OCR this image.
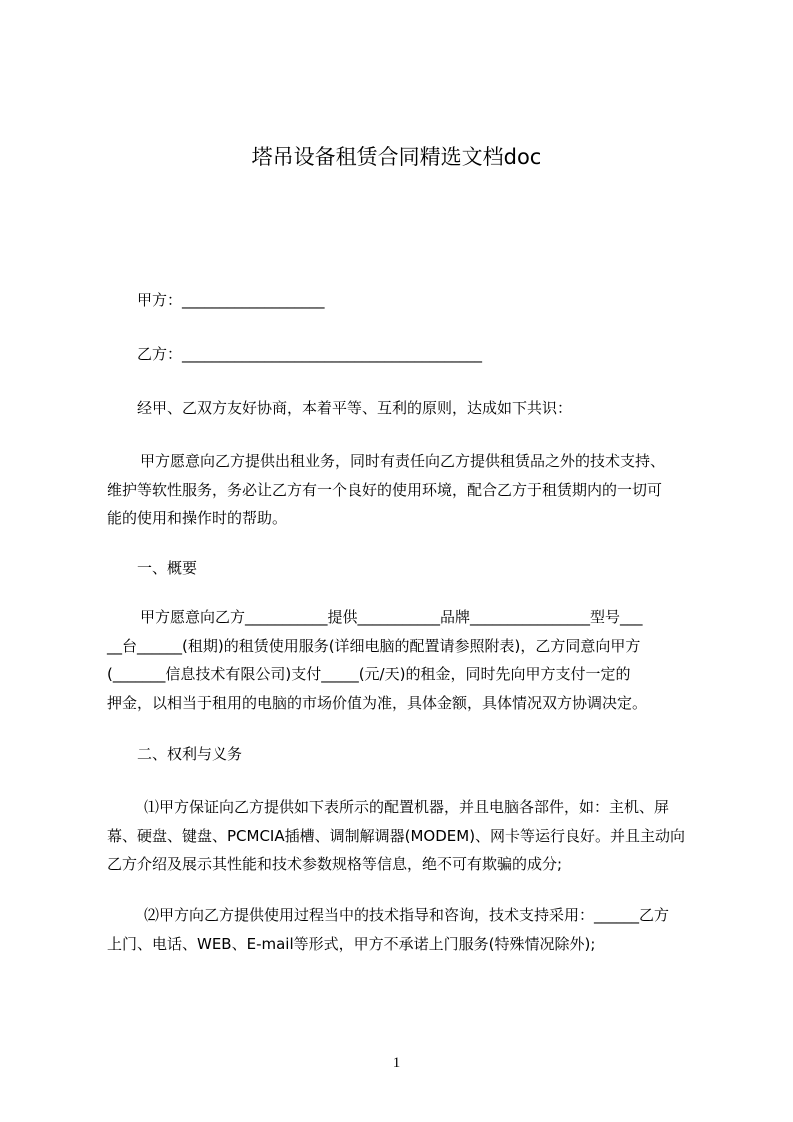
塔吊设备租赁合同精选文档doc
甲方：___________________
乙方：________________________________________
经甲、乙双方友好协商，本着平等、互利的原则，达成如下共识：
甲方愿意向乙方提供出租业务，同时有责任向乙方提供租赁品之外的技术支持、
维护等软性服务，务必让乙方有一个良好的使用环境，配合乙方于租赁期内的一切可
能的使用和操作时的帮助。
一、概要
甲方愿意向乙方___________提供___________品牌________________型号___
__台______(租期)的租赁使用服务(详细电脑的配置请参照附表)，乙方同意向甲方
(_______信息技术有限公司)支付_____(元/天)的租金，同时先向甲方支付一定的
押金，以相当于租用的电脑的市场价值为准，具体金额，具体情况双方协调决定。
二、权利与义务
⑴甲方保证向乙方提供如下表所示的配置机器，并且电脑各部件，如：主机、屏
幕、硬盘、键盘、PCMCIA插槽、调制解调器(MODEM)、网卡等运行良好。并且主动向
乙方介绍及展示其性能和技术参数规格等信息，绝不可有欺骗的成分;
⑵甲方向乙方提供使用过程当中的技术指导和咨询，技术支持采用：______乙方
上门、电话、WEB、E-mail等形式，甲方不承诺上门服务(特殊情况除外);
1
